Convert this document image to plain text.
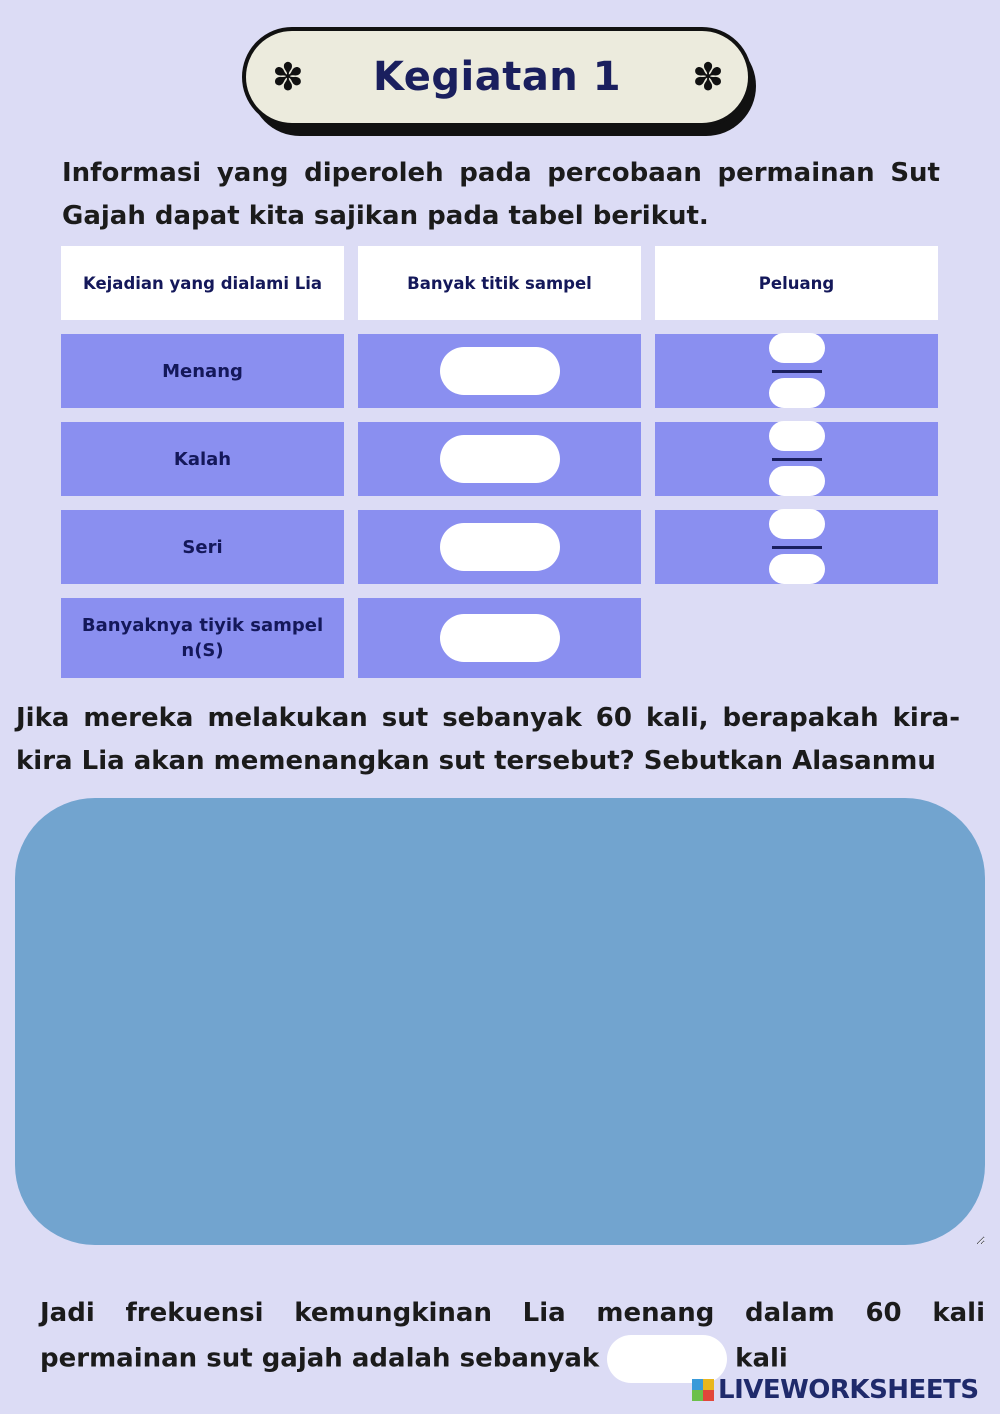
✽ Kegiatan 1 ✽

Informasi yang diperoleh pada percobaan permainan Sut Gajah dapat kita sajikan pada tabel berikut.

Kejadian yang dialami Lia	Banyak titik sampel	Peluang
Menang
Kalah
Seri
Banyaknya tiyik sampel n(S)

Jika mereka melakukan sut sebanyak 60 kali, berapakah kira-kira Lia akan memenangkan sut tersebut? Sebutkan Alasanmu

Jadi frekuensi kemungkinan Lia menang dalam 60 kali permainan sut gajah adalah sebanyak	kali

LIVEWORKSHEETS
